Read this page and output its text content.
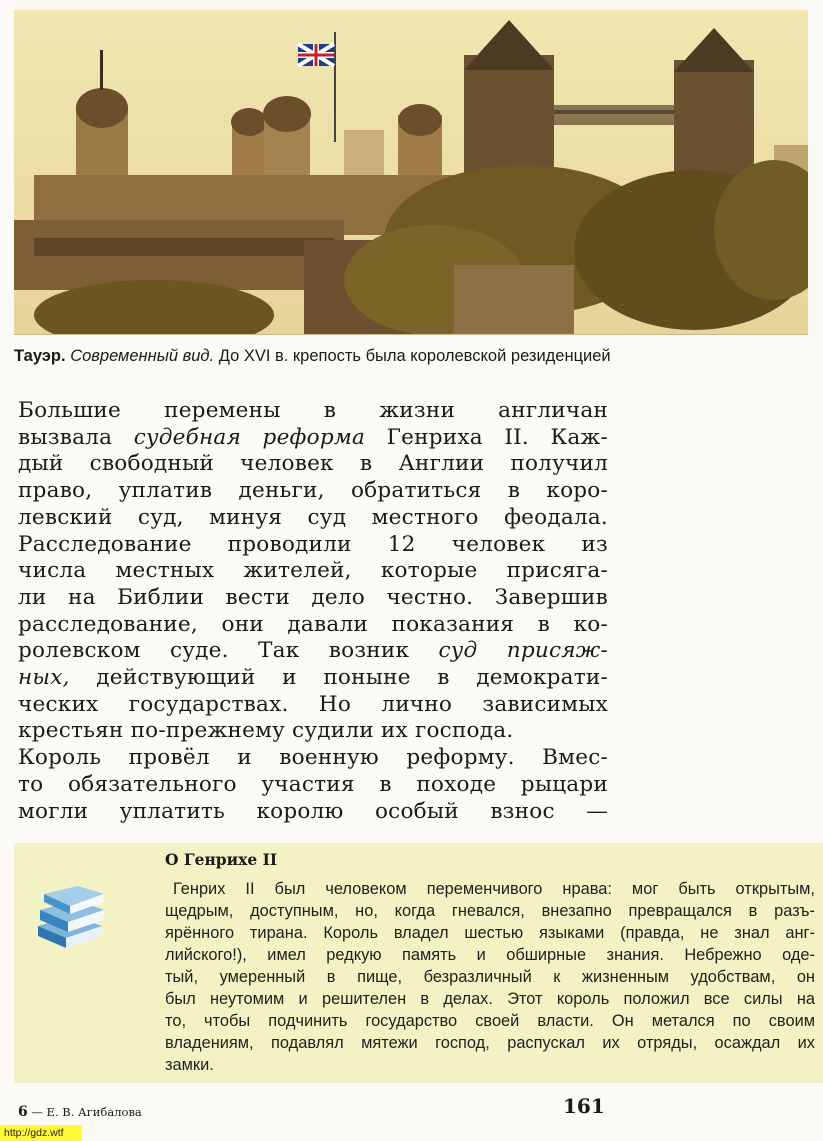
Тауэр. Современный вид. До XVI в. крепость была королевской резиденцией
Большие перемены в жизни англичан
вызвала судебная реформа Генриха II. Каж-
дый свободный человек в Англии получил
право, уплатив деньги, обратиться в коро-
левский суд, минуя суд местного феодала.
Расследование проводили 12 человек из
числа местных жителей, которые присяга-
ли на Библии вести дело честно. Завершив
расследование, они давали показания в ко-
ролевском суде. Так возник суд присяж-
ных, действующий и поныне в демократи-
ческих государствах. Но лично зависимых
крестьян по-прежнему судили их господа.
Король провёл и военную реформу. Вмес-
то обязательного участия в походе рыцари
могли уплатить королю особый взнос —
О Генрихе II
Генрих II был человеком переменчивого нрава: мог быть открытым,
щедрым, доступным, но, когда гневался, внезапно превращался в разъ-
ярённого тирана. Король владел шестью языками (правда, не знал анг-
лийского!), имел редкую память и обширные знания. Небрежно оде-
тый, умеренный в пище, безразличный к жизненным удобствам, он
был неутомим и решителен в делах. Этот король положил все силы на
то, чтобы подчинить государство своей власти. Он метался по своим
владениям, подавлял мятежи господ, распускал их отряды, осаждал их
замки.
6 — Е. В. Агибалова	161
http://gdz.wtf
